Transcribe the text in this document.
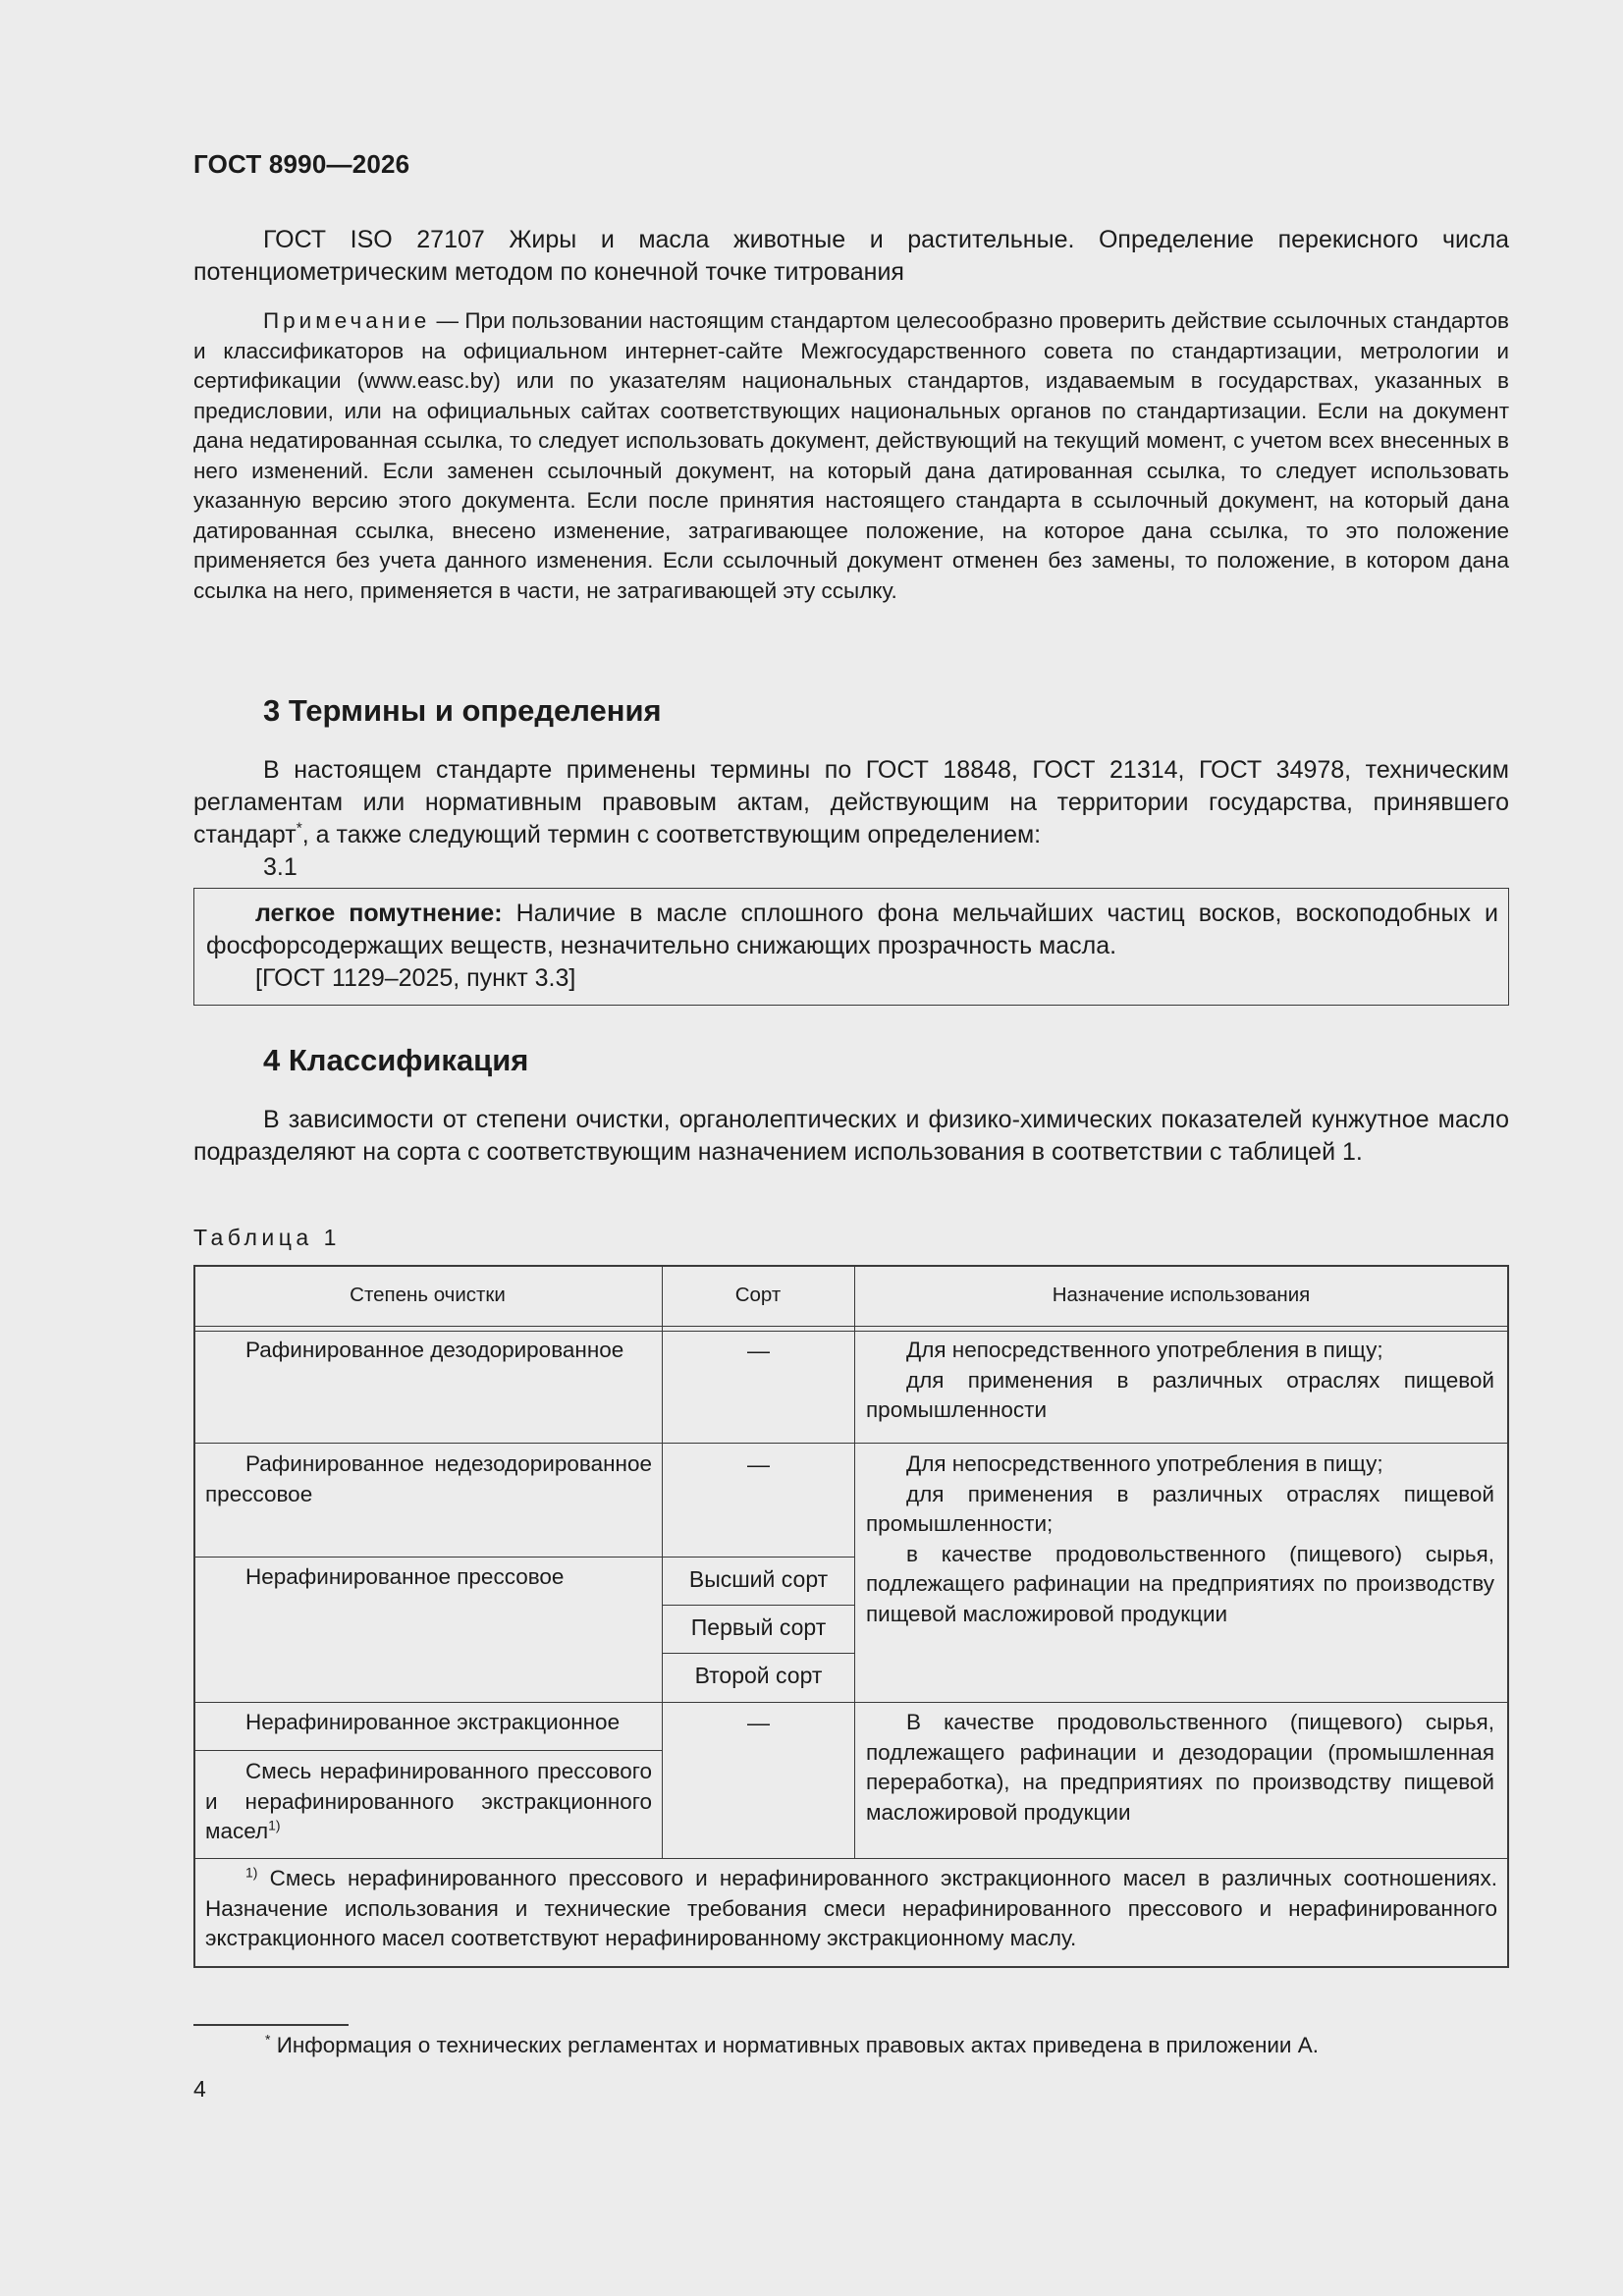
ГОСТ 8990—2026

ГОСТ ISO 27107 Жиры и масла животные и растительные. Определение перекисного числа потенциометрическим методом по конечной точке титрования

Примечание — При пользовании настоящим стандартом целесообразно проверить действие ссылочных стандартов и классификаторов на официальном интернет-сайте Межгосударственного совета по стандартизации, метрологии и сертификации (www.easc.by) или по указателям национальных стандартов, издаваемым в государствах, указанных в предисловии, или на официальных сайтах соответствующих национальных органов по стандартизации. Если на документ дана недатированная ссылка, то следует использовать документ, действующий на текущий момент, с учетом всех внесенных в него изменений. Если заменен ссылочный документ, на который дана датированная ссылка, то следует использовать указанную версию этого документа. Если после принятия настоящего стандарта в ссылочный документ, на который дана датированная ссылка, внесено изменение, затрагивающее положение, на которое дана ссылка, то это положение применяется без учета данного изменения. Если ссылочный документ отменен без замены, то положение, в котором дана ссылка на него, применяется в части, не затрагивающей эту ссылку.

3 Термины и определения

В настоящем стандарте применены термины по ГОСТ 18848, ГОСТ 21314, ГОСТ 34978, техническим регламентам или нормативным правовым актам, действующим на территории государства, принявшего стандарт*, а также следующий термин с соответствующим определением:

3.1

легкое помутнение: Наличие в масле сплошного фона мельчайших частиц восков, воскоподобных и фосфорсодержащих веществ, незначительно снижающих прозрачность масла.

[ГОСТ 1129–2025, пункт 3.3]
4 Классификация

В зависимости от степени очистки, органолептических и физико-химических показателей кунжутное масло подразделяют на сорта с соответствующим назначением использования в соответствии с таблицей 1.

Таблица 1
Степень очистки	Сорт	Назначение использования

Рафинированное дезодорированное

Рафинированное недезодорированное прессовое

Нерафинированное прессовое

Нерафинированное экстракционное

Смесь нерафинированного прессового и нерафинированного экстракционного масел$^{1)}$

—
—
Высший сорт
Первый сорт
Второй сорт
—

Для непосредственного употребления в пищу;

для применения в различных отраслях пищевой промышленности

Для непосредственного употребления в пищу;

для применения в различных отраслях пищевой промышленности;

в качестве продовольственного (пищевого) сырья, подлежащего рафинации на предприятиях по производству пищевой масложировой продукции

В качестве продовольственного (пищевого) сырья, подлежащего рафинации и дезодорации (промышленная переработка), на предприятиях по производству пищевой масложировой продукции

$^{1)}$ Смесь нерафинированного прессового и нерафинированного экстракционного масел в различных соотношениях. Назначение использования и технические требования смеси нерафинированного прессового и нерафинированного экстракционного масел соответствуют нерафинированному экстракционному маслу.

* Информация о технических регламентах и нормативных правовых актах приведена в приложении А.
4
